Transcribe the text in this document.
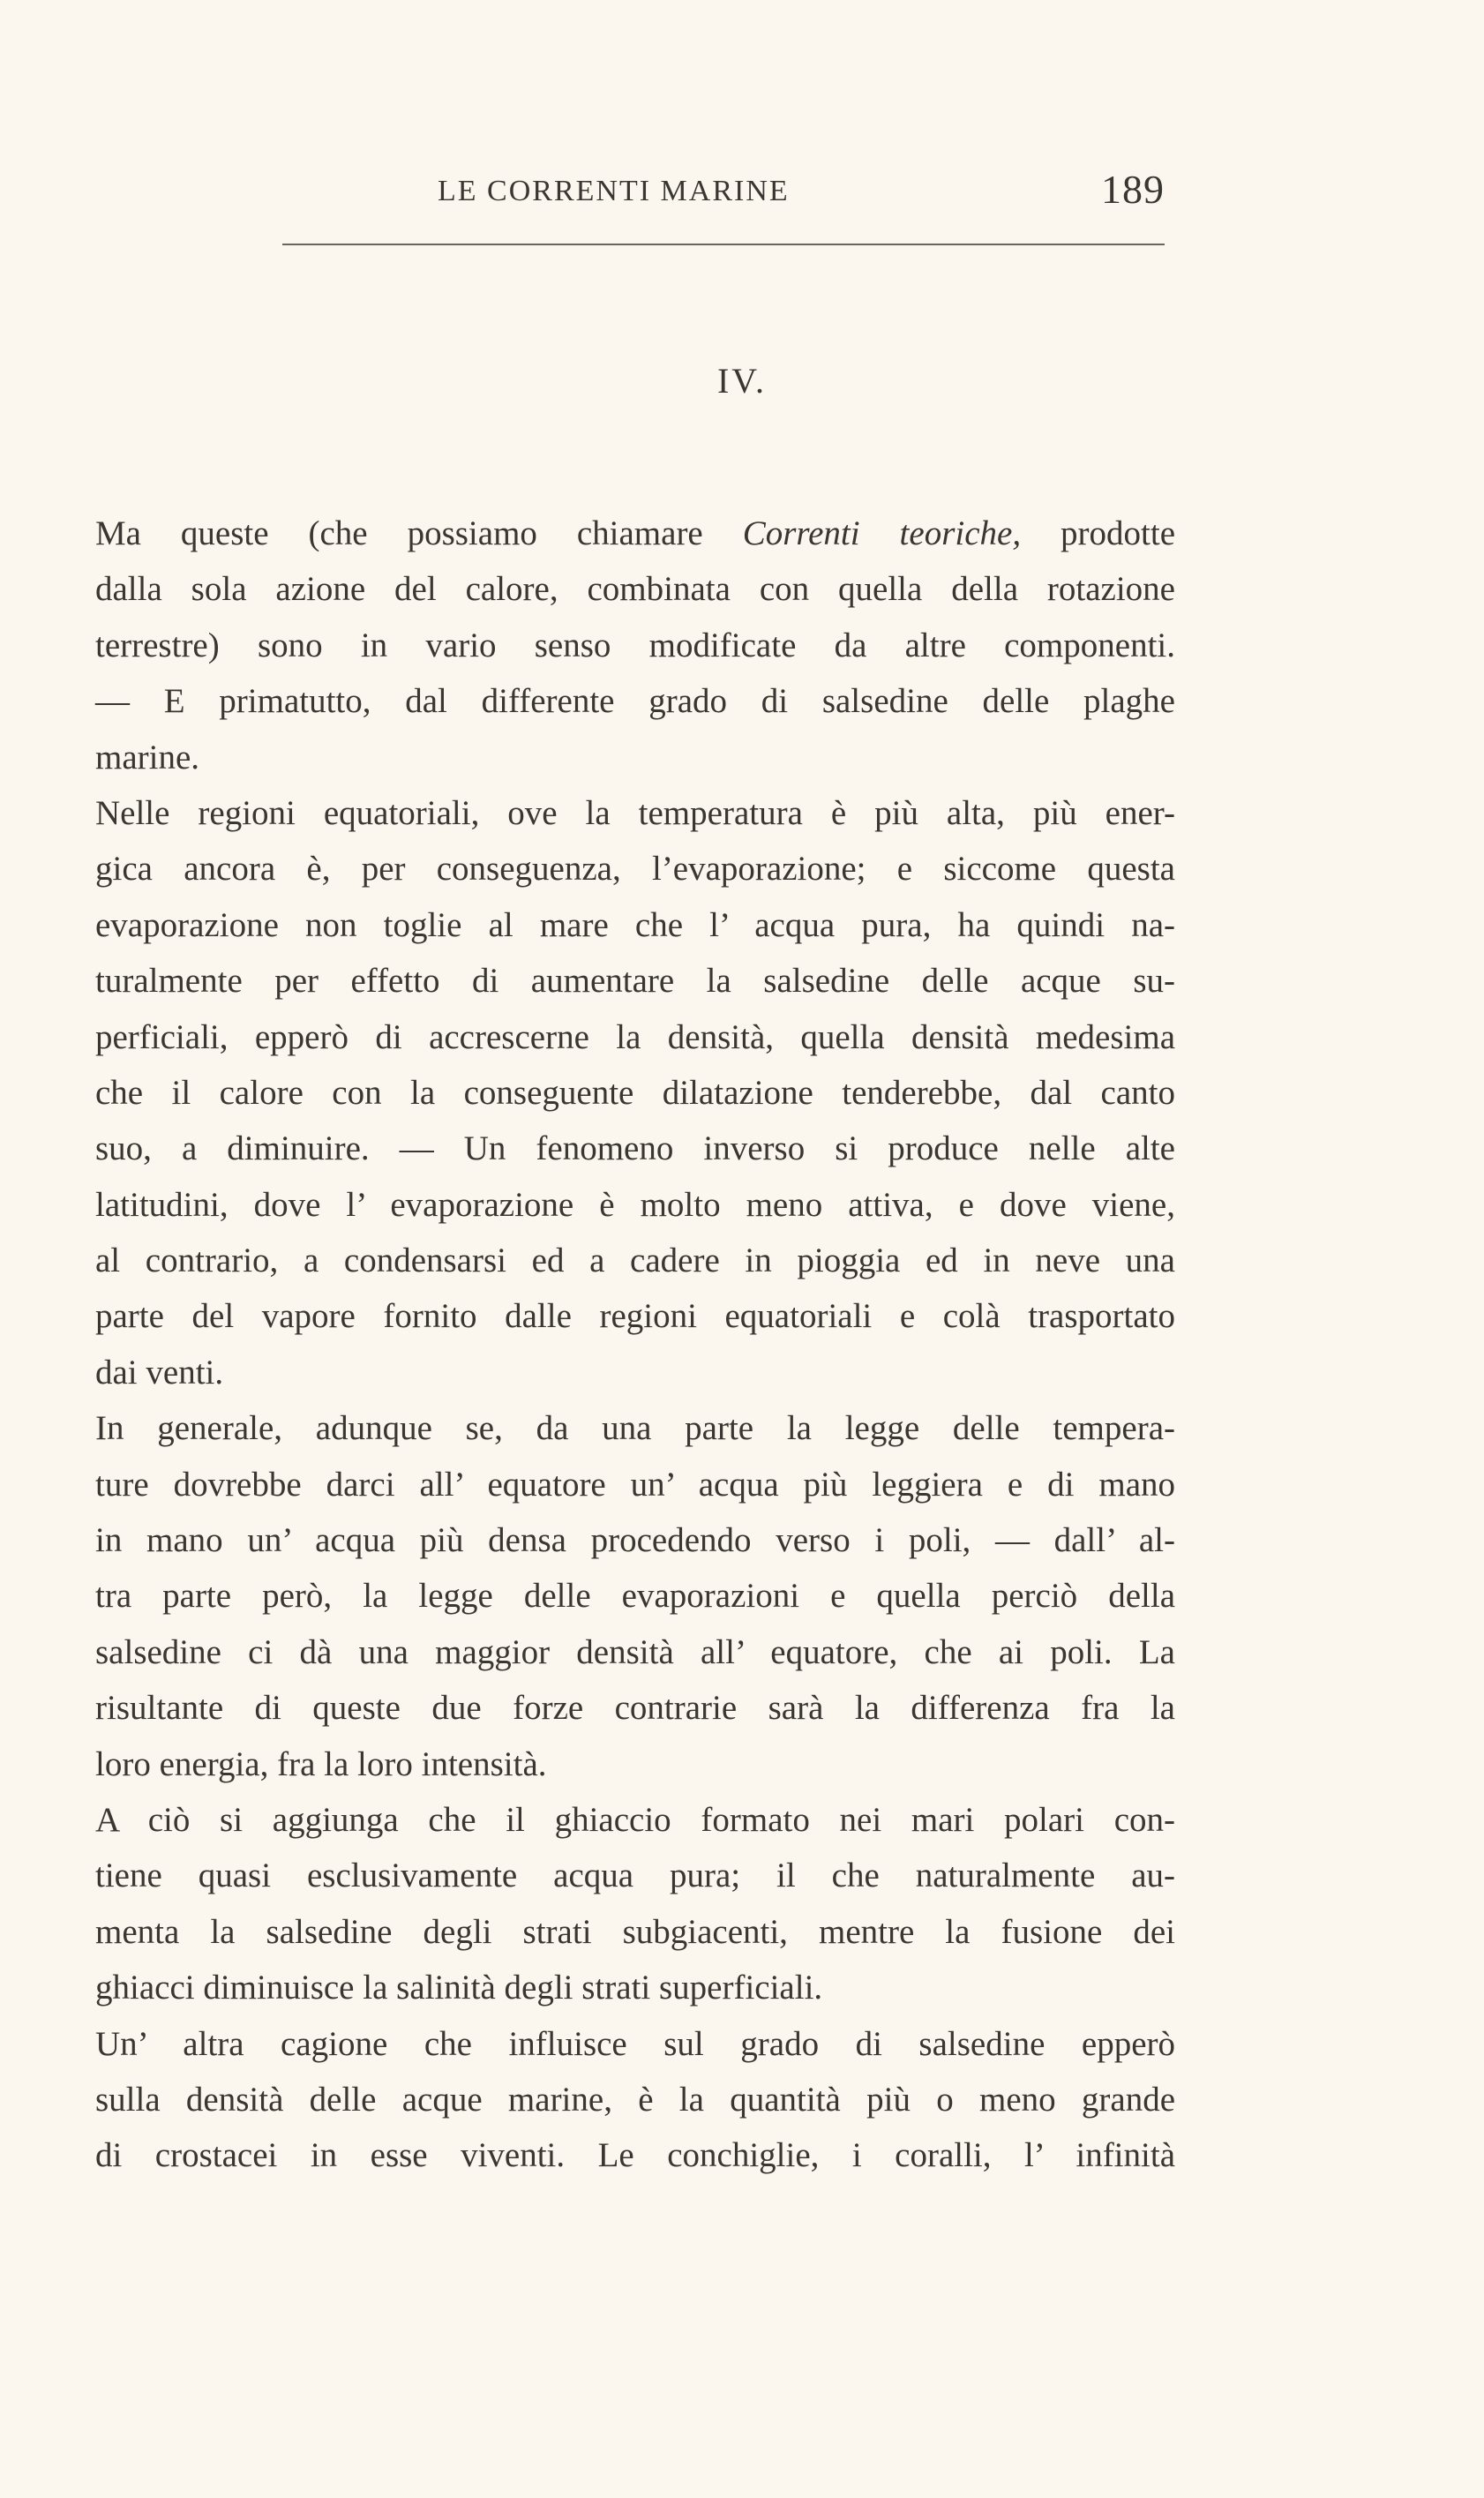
LE CORRENTI MARINE	189
IV.
Ma queste (che possiamo chiamare Correnti teoriche, prodotte
dalla sola azione del calore, combinata con quella della rotazione
terrestre) sono in vario senso modificate da altre componenti.
— E primatutto, dal differente grado di salsedine delle plaghe
marine.
Nelle regioni equatoriali, ove la temperatura è più alta, più ener-
gica ancora è, per conseguenza, l’evaporazione; e siccome questa
evaporazione non toglie al mare che l’ acqua pura, ha quindi na-
turalmente per effetto di aumentare la salsedine delle acque su-
perficiali, epperò di accrescerne la densità, quella densità medesima
che il calore con la conseguente dilatazione tenderebbe, dal canto
suo, a diminuire. — Un fenomeno inverso si produce nelle alte
latitudini, dove l’ evaporazione è molto meno attiva, e dove viene,
al contrario, a condensarsi ed a cadere in pioggia ed in neve una
parte del vapore fornito dalle regioni equatoriali e colà trasportato
dai venti.
In generale, adunque se, da una parte la legge delle tempera-
ture dovrebbe darci all’ equatore un’ acqua più leggiera e di mano
in mano un’ acqua più densa procedendo verso i poli, — dall’ al-
tra parte però, la legge delle evaporazioni e quella perciò della
salsedine ci dà una maggior densità all’ equatore, che ai poli. La
risultante di queste due forze contrarie sarà la differenza fra la
loro energia, fra la loro intensità.
A ciò si aggiunga che il ghiaccio formato nei mari polari con-
tiene quasi esclusivamente acqua pura; il che naturalmente au-
menta la salsedine degli strati subgiacenti, mentre la fusione dei
ghiacci diminuisce la salinità degli strati superficiali.
Un’ altra cagione che influisce sul grado di salsedine epperò
sulla densità delle acque marine, è la quantità più o meno grande
di crostacei in esse viventi. Le conchiglie, i coralli, l’ infinità
